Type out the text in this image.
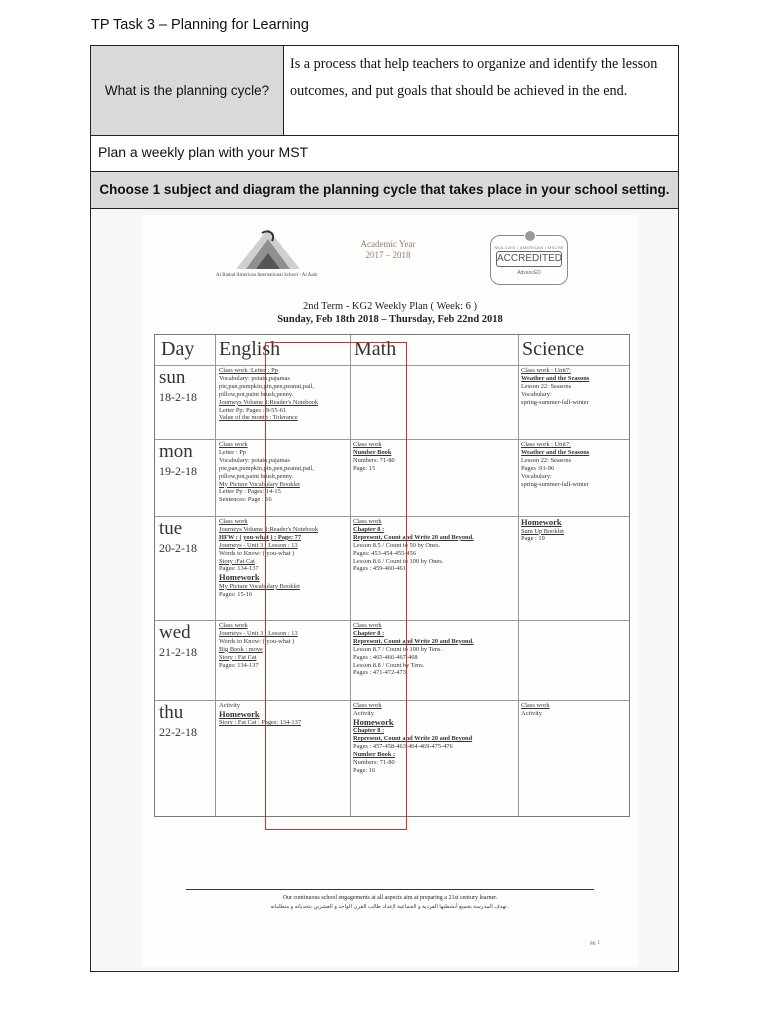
TP Task 3 – Planning for Learning
What is the planning cycle?
Is a process that help teachers to organize and identify the lesson outcomes, and put goals that should be achieved in the end.
Plan a weekly plan with your MST
Choose 1 subject and diagram the planning cycle that takes place in your school setting.
Al Ramal American International School - Al Aain
Academic Year
2017 – 2018
NEA-CASI • AMERICAN • MSCHE
ACCREDITED
AdvancED
2nd Term - KG2 Weekly Plan ( Week: 6 )
Sunday, Feb 18th 2018 – Thursday, Feb 22nd 2018
Day English	Math	Science
sun
18-2-18
Class work :Letter : Pp
Vocabulary: potato,pajamas
pie,pan,pumpkin,pin,pen,peanut,pail,
pillow,pot,paint brush,penny.
Journeys Volume 1:Reader's Notebook
Letter Pp: Pages : 9-55-61
Value of the month : Tolerance
Class work : Unit7:
Weather and the Seasons
Lesson 22: Seasons
Vocabulary:
spring-summer-fall-winter
mon
19-2-18
Class work
Letter : Pp
Vocabulary: potato,pajamas
pie,pan,pumpkin,pin,pen,peanut,pail,
pillow,pot,paint brush,penny.
My Picture Vocabulary Booklet
Letter Pp : Pages: 14-15
Sentences: Page : 16
Class work
Number Book
Numbers: 71-80
Page: 15
Class work : Unit7:
Weather and the Seasons
Lesson 22: Seasons
Pages :91-96
Vocabulary:
spring-summer-fall-winter
tue
20-2-18
Class work
Journeys Volume 1:Reader's Notebook
HFW : ( you-what ) : Page: 77
Journeys - Unit 3 : Lesson : 13
Words to Know: ( you-what )
Story :Fat Cat
Pages: 134-137
Homework
My Picture Vocabulary Booklet
Pages: 15-16
Class work
Chapter 8 :
Represent, Count and Write 20 and Beyond.
Lesson 8.5 / Count to 50 by Ones.
Pages: 453-454-455-456
Lesson 8.6 / Count to 100 by Ones.
Pages : 459-460-461
Homework
Sum Up Booklet
Page : 19
wed
21-2-18
Class work
Journeys - Unit 3 : Lesson : 13
Words to Know: ( you-what )
Big Book : move
Story : Fat Cat
Pages: 134-137
Class work
Chapter 8 :
Represent, Count and Write 20 and Beyond.
Lesson 8.7 / Count to 100 by Tens .
Pages : 465-466-467-468
Lesson 8.8 / Count by Tens.
Pages : 471-472-473
thu
22-2-18
Activity
Homework
Story : Fat Cat : Pages: 134-137
Class work
Activity
Homework
Chapter 8 :
Represent, Count and Write 20 and Beyond
Pages : 457-458-463-464-469-475-476
Number Book :
Numbers: 71-80
Page: 16
Class work
Activity
Our continuous school engagements at all aspects aim at preparing a 21st century learner.
تهدف المدرسة بجميع أنشطتها الفردية و الجماعية لإعداد طالب القرن الواحد و العشرين بتحدياته و متطلباته .
pg. 1
